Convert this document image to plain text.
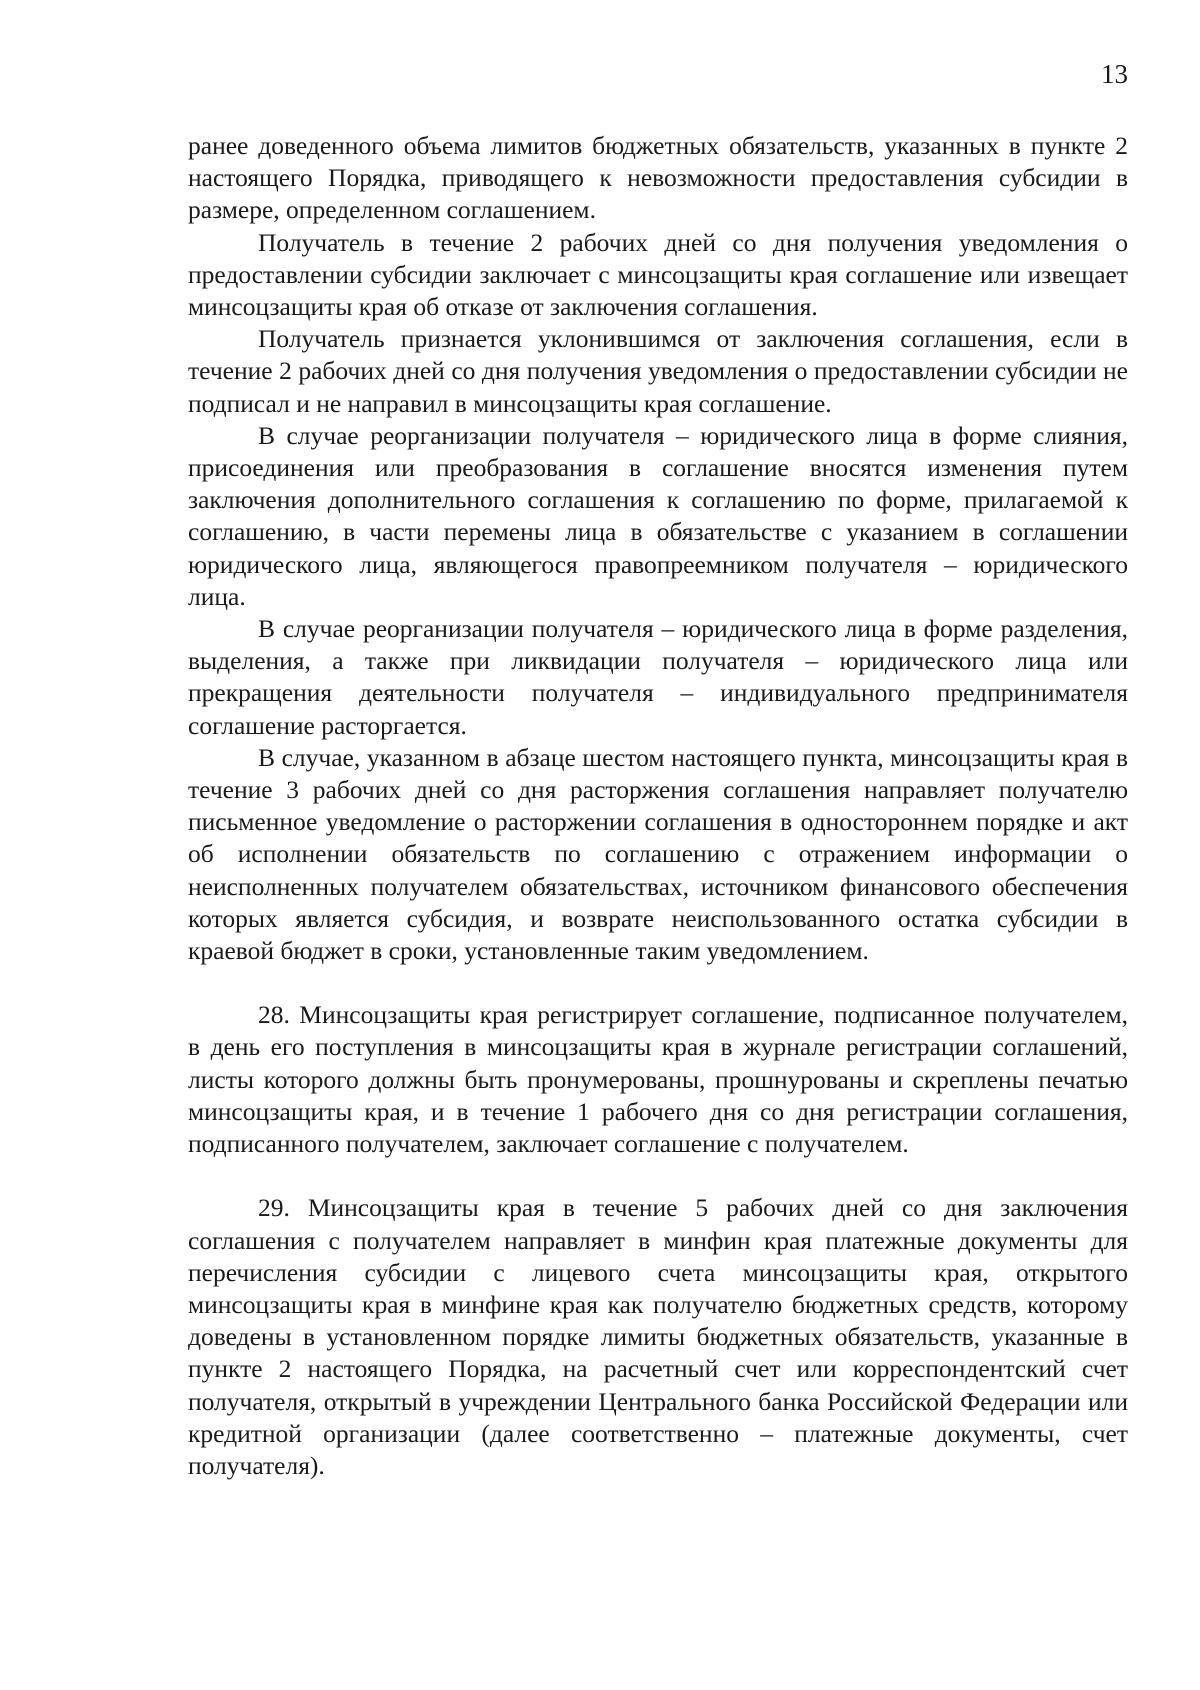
13

ранее доведенного объема лимитов бюджетных обязательств, указанных в пункте 2 настоящего Порядка, приводящего к невозможности предоставления субсидии в размере, определенном соглашением.

Получатель в течение 2 рабочих дней со дня получения уведомления о предоставлении субсидии заключает с минсоцзащиты края соглашение или извещает минсоцзащиты края об отказе от заключения соглашения.

Получатель признается уклонившимся от заключения соглашения, если в течение 2 рабочих дней со дня получения уведомления о предоставлении субсидии не подписал и не направил в минсоцзащиты края соглашение.

В случае реорганизации получателя – юридического лица в форме слияния, присоединения или преобразования в соглашение вносятся изменения путем заключения дополнительного соглашения к соглашению по форме, прилагаемой к соглашению, в части перемены лица в обязательстве с указанием в соглашении юридического лица, являющегося правопреемником получателя – юридического лица.

В случае реорганизации получателя – юридического лица в форме разделения, выделения, а также при ликвидации получателя – юридического лица или прекращения деятельности получателя – индивидуального предпринимателя соглашение расторгается.

В случае, указанном в абзаце шестом настоящего пункта, минсоцзащиты края в течение 3 рабочих дней со дня расторжения соглашения направляет получателю письменное уведомление о расторжении соглашения в одностороннем порядке и акт об исполнении обязательств по соглашению с отражением информации о неисполненных получателем обязательствах, источником финансового обеспечения которых является субсидия, и возврате неиспользованного остатка субсидии в краевой бюджет в сроки, установленные таким уведомлением.

28. Минсоцзащиты края регистрирует соглашение, подписанное получателем, в день его поступления в минсоцзащиты края в журнале регистрации соглашений, листы которого должны быть пронумерованы, прошнурованы и скреплены печатью минсоцзащиты края, и в течение 1 рабочего дня со дня регистрации соглашения, подписанного получателем, заключает соглашение с получателем.

29. Минсоцзащиты края в течение 5 рабочих дней со дня заключения соглашения с получателем направляет в минфин края платежные документы для перечисления субсидии с лицевого счета минсоцзащиты края, открытого минсоцзащиты края в минфине края как получателю бюджетных средств, которому доведены в установленном порядке лимиты бюджетных обязательств, указанные в пункте 2 настоящего Порядка, на расчетный счет или корреспондентский счет получателя, открытый в учреждении Центрального банка Российской Федерации или кредитной организации (далее соответственно – платежные документы, счет получателя).
